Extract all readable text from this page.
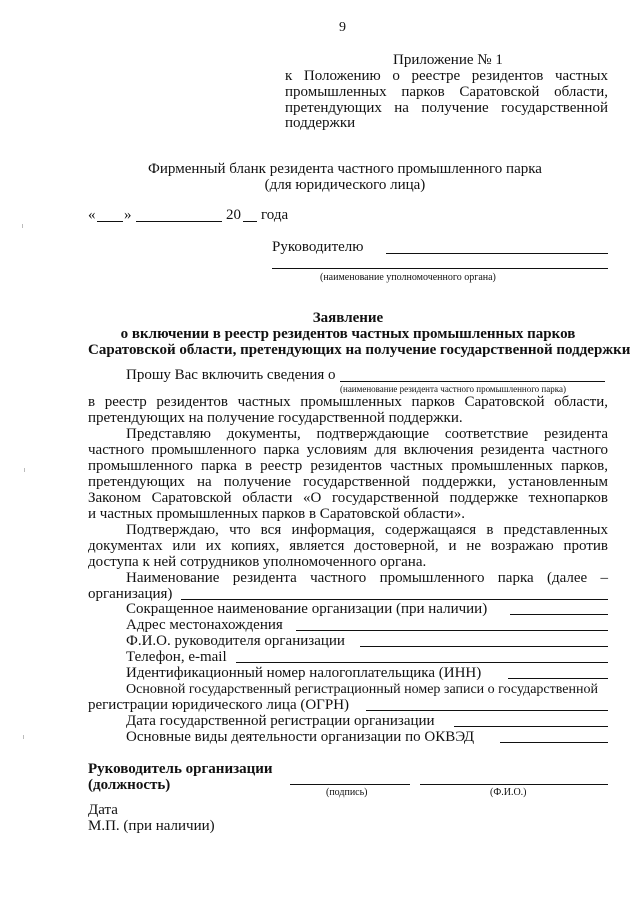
9
Приложение № 1
к Положению о реестре резидентов частных
промышленных парков Саратовской области,
претендующих на получение государственной
поддержки
Фирменный бланк резидента частного промышленного парка
(для юридического лица)
« »	20 года
Руководителю
(наименование уполномоченного органа)
Заявление
о включении в реестр резидентов частных промышленных парков
Саратовской области, претендующих на получение государственной поддержки
Прошу Вас включить сведения о
(наименование резидента частного промышленного парка)
в реестр резидентов частных промышленных парков Саратовской области,
претендующих на получение государственной поддержки.
Представляю документы, подтверждающие соответствие резидента
частного промышленного парка условиям для включения резидента частного
промышленного парка в реестр резидентов частных промышленных парков,
претендующих на получение государственной поддержки, установленным
Законом Саратовской области «О государственной поддержке технопарков
и частных промышленных парков в Саратовской области».
Подтверждаю, что вся информация, содержащаяся в представленных
документах или их копиях, является достоверной, и не возражаю против
доступа к ней сотрудников уполномоченного органа.
Наименование резидента частного промышленного парка (далее –
организация)
Сокращенное наименование организации (при наличии)
Адрес местонахождения
Ф.И.О. руководителя организации
Телефон, e-mail
Идентификационный номер налогоплательщика (ИНН)
Основной государственный регистрационный номер записи о государственной
регистрации юридического лица (ОГРН)
Дата государственной регистрации организации
Основные виды деятельности организации по ОКВЭД
Руководитель организации
(должность)	(подпись)	(Ф.И.О.)
Дата
М.П. (при наличии)
